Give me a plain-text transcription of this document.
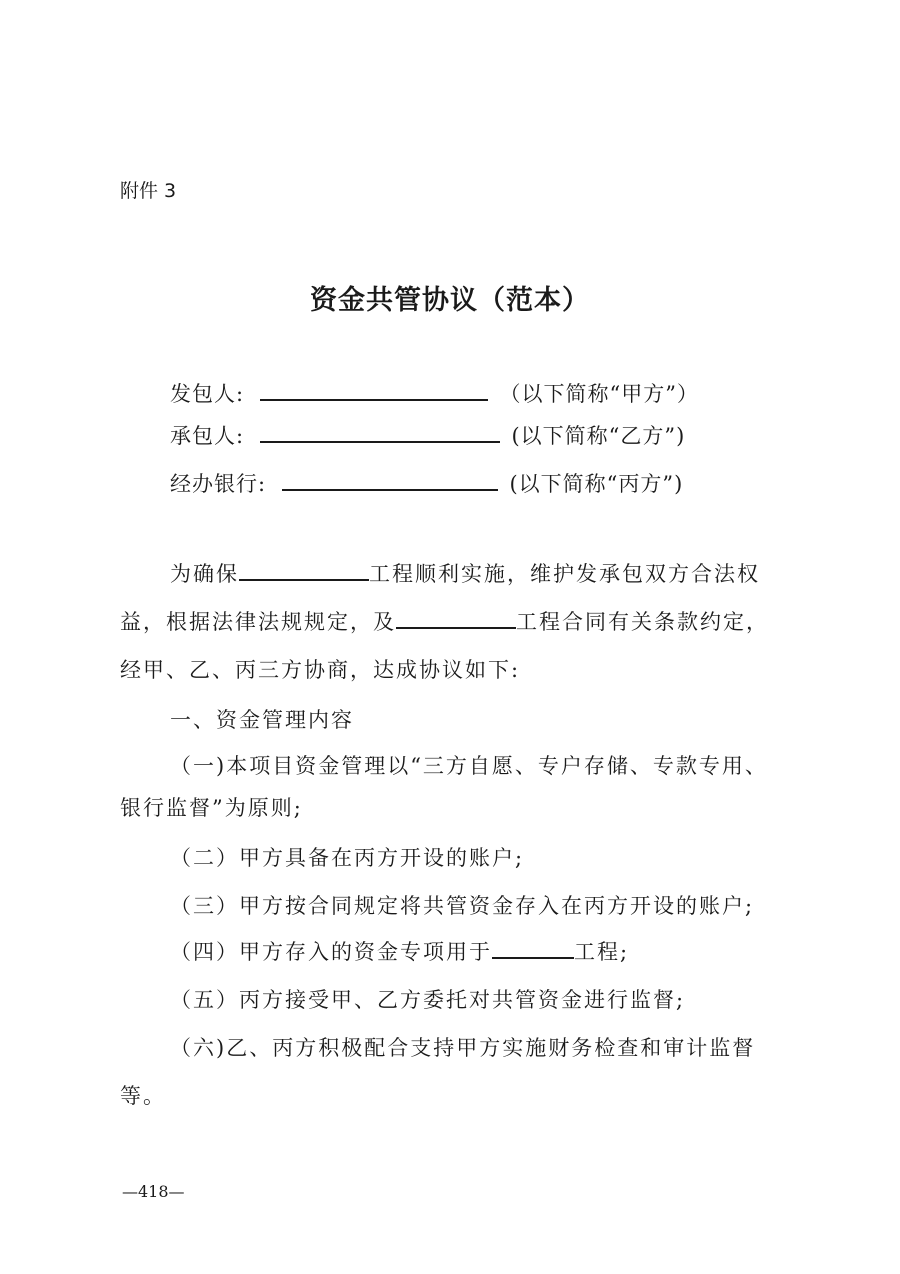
附件 3
资金共管协议（范本）
发包人:	（以下简称“甲方”）
承包人:	(以下简称“乙方”)
经办银行:	(以下简称“丙方”)
为确保	工程顺利实施，维护发承包双方合法权
益，根据法律法规规定，及	工程合同有关条款约定，
经甲、乙、丙三方协商，达成协议如下:
一、资金管理内容
（一)本项目资金管理以“三方自愿、专户存储、专款专用、
银行监督”为原则;
（二）甲方具备在丙方开设的账户;
（三）甲方按合同规定将共管资金存入在丙方开设的账户;
（四）甲方存入的资金专项用于	工程;
（五）丙方接受甲、乙方委托对共管资金进行监督;
（六)乙、丙方积极配合支持甲方实施财务检查和审计监督
等。
—418—
